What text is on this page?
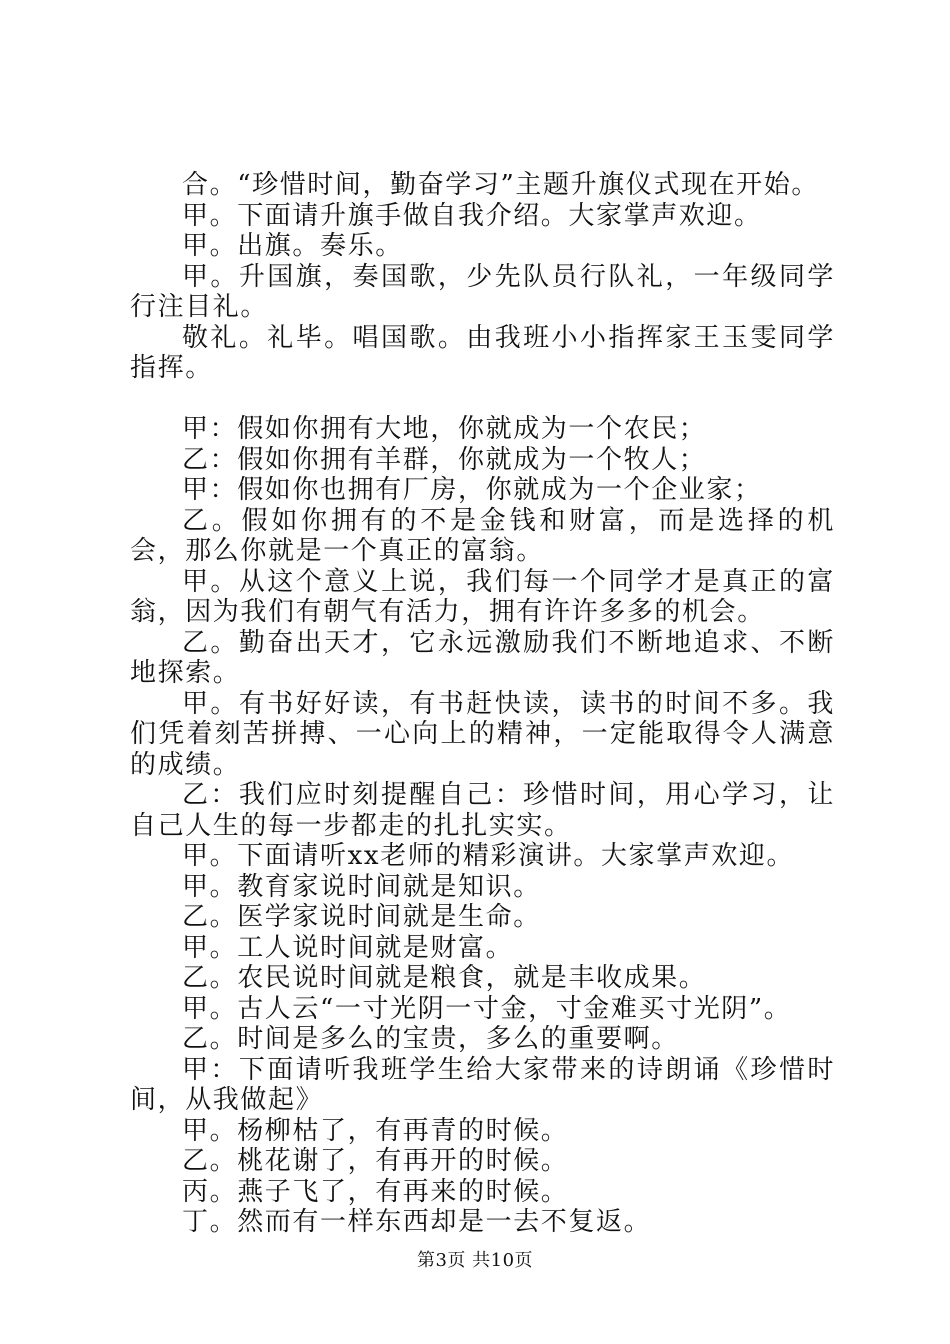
合。“珍惜时间，勤奋学习”主题升旗仪式现在开始。

甲。下面请升旗手做自我介绍。大家掌声欢迎。

甲。出旗。奏乐。

甲。升国旗，奏国歌，少先队员行队礼，一年级同学行注目礼。

敬礼。礼毕。唱国歌。由我班小小指挥家王玉雯同学指挥。

甲：假如你拥有大地，你就成为一个农民；

乙：假如你拥有羊群，你就成为一个牧人；

甲：假如你也拥有厂房，你就成为一个企业家；

乙。假如你拥有的不是金钱和财富，而是选择的机会，那么你就是一个真正的富翁。

甲。从这个意义上说，我们每一个同学才是真正的富翁，因为我们有朝气有活力，拥有许许多多的机会。

乙。勤奋出天才，它永远激励我们不断地追求、不断地探索。

甲。有书好好读，有书赶快读，读书的时间不多。我们凭着刻苦拼搏、一心向上的精神，一定能取得令人满意的成绩。

乙：我们应时刻提醒自己：珍惜时间，用心学习，让自己人生的每一步都走的扎扎实实。

甲。下面请听xx老师的精彩演讲。大家掌声欢迎。

甲。教育家说时间就是知识。

乙。医学家说时间就是生命。

甲。工人说时间就是财富。

乙。农民说时间就是粮食，就是丰收成果。

甲。古人云“一寸光阴一寸金，寸金难买寸光阴”。

乙。时间是多么的宝贵，多么的重要啊。

甲：下面请听我班学生给大家带来的诗朗诵《珍惜时间，从我做起》

甲。杨柳枯了，有再青的时候。

乙。桃花谢了，有再开的时候。

丙。燕子飞了，有再来的时候。

丁。然而有一样东西却是一去不复返。

第3页 共10页
